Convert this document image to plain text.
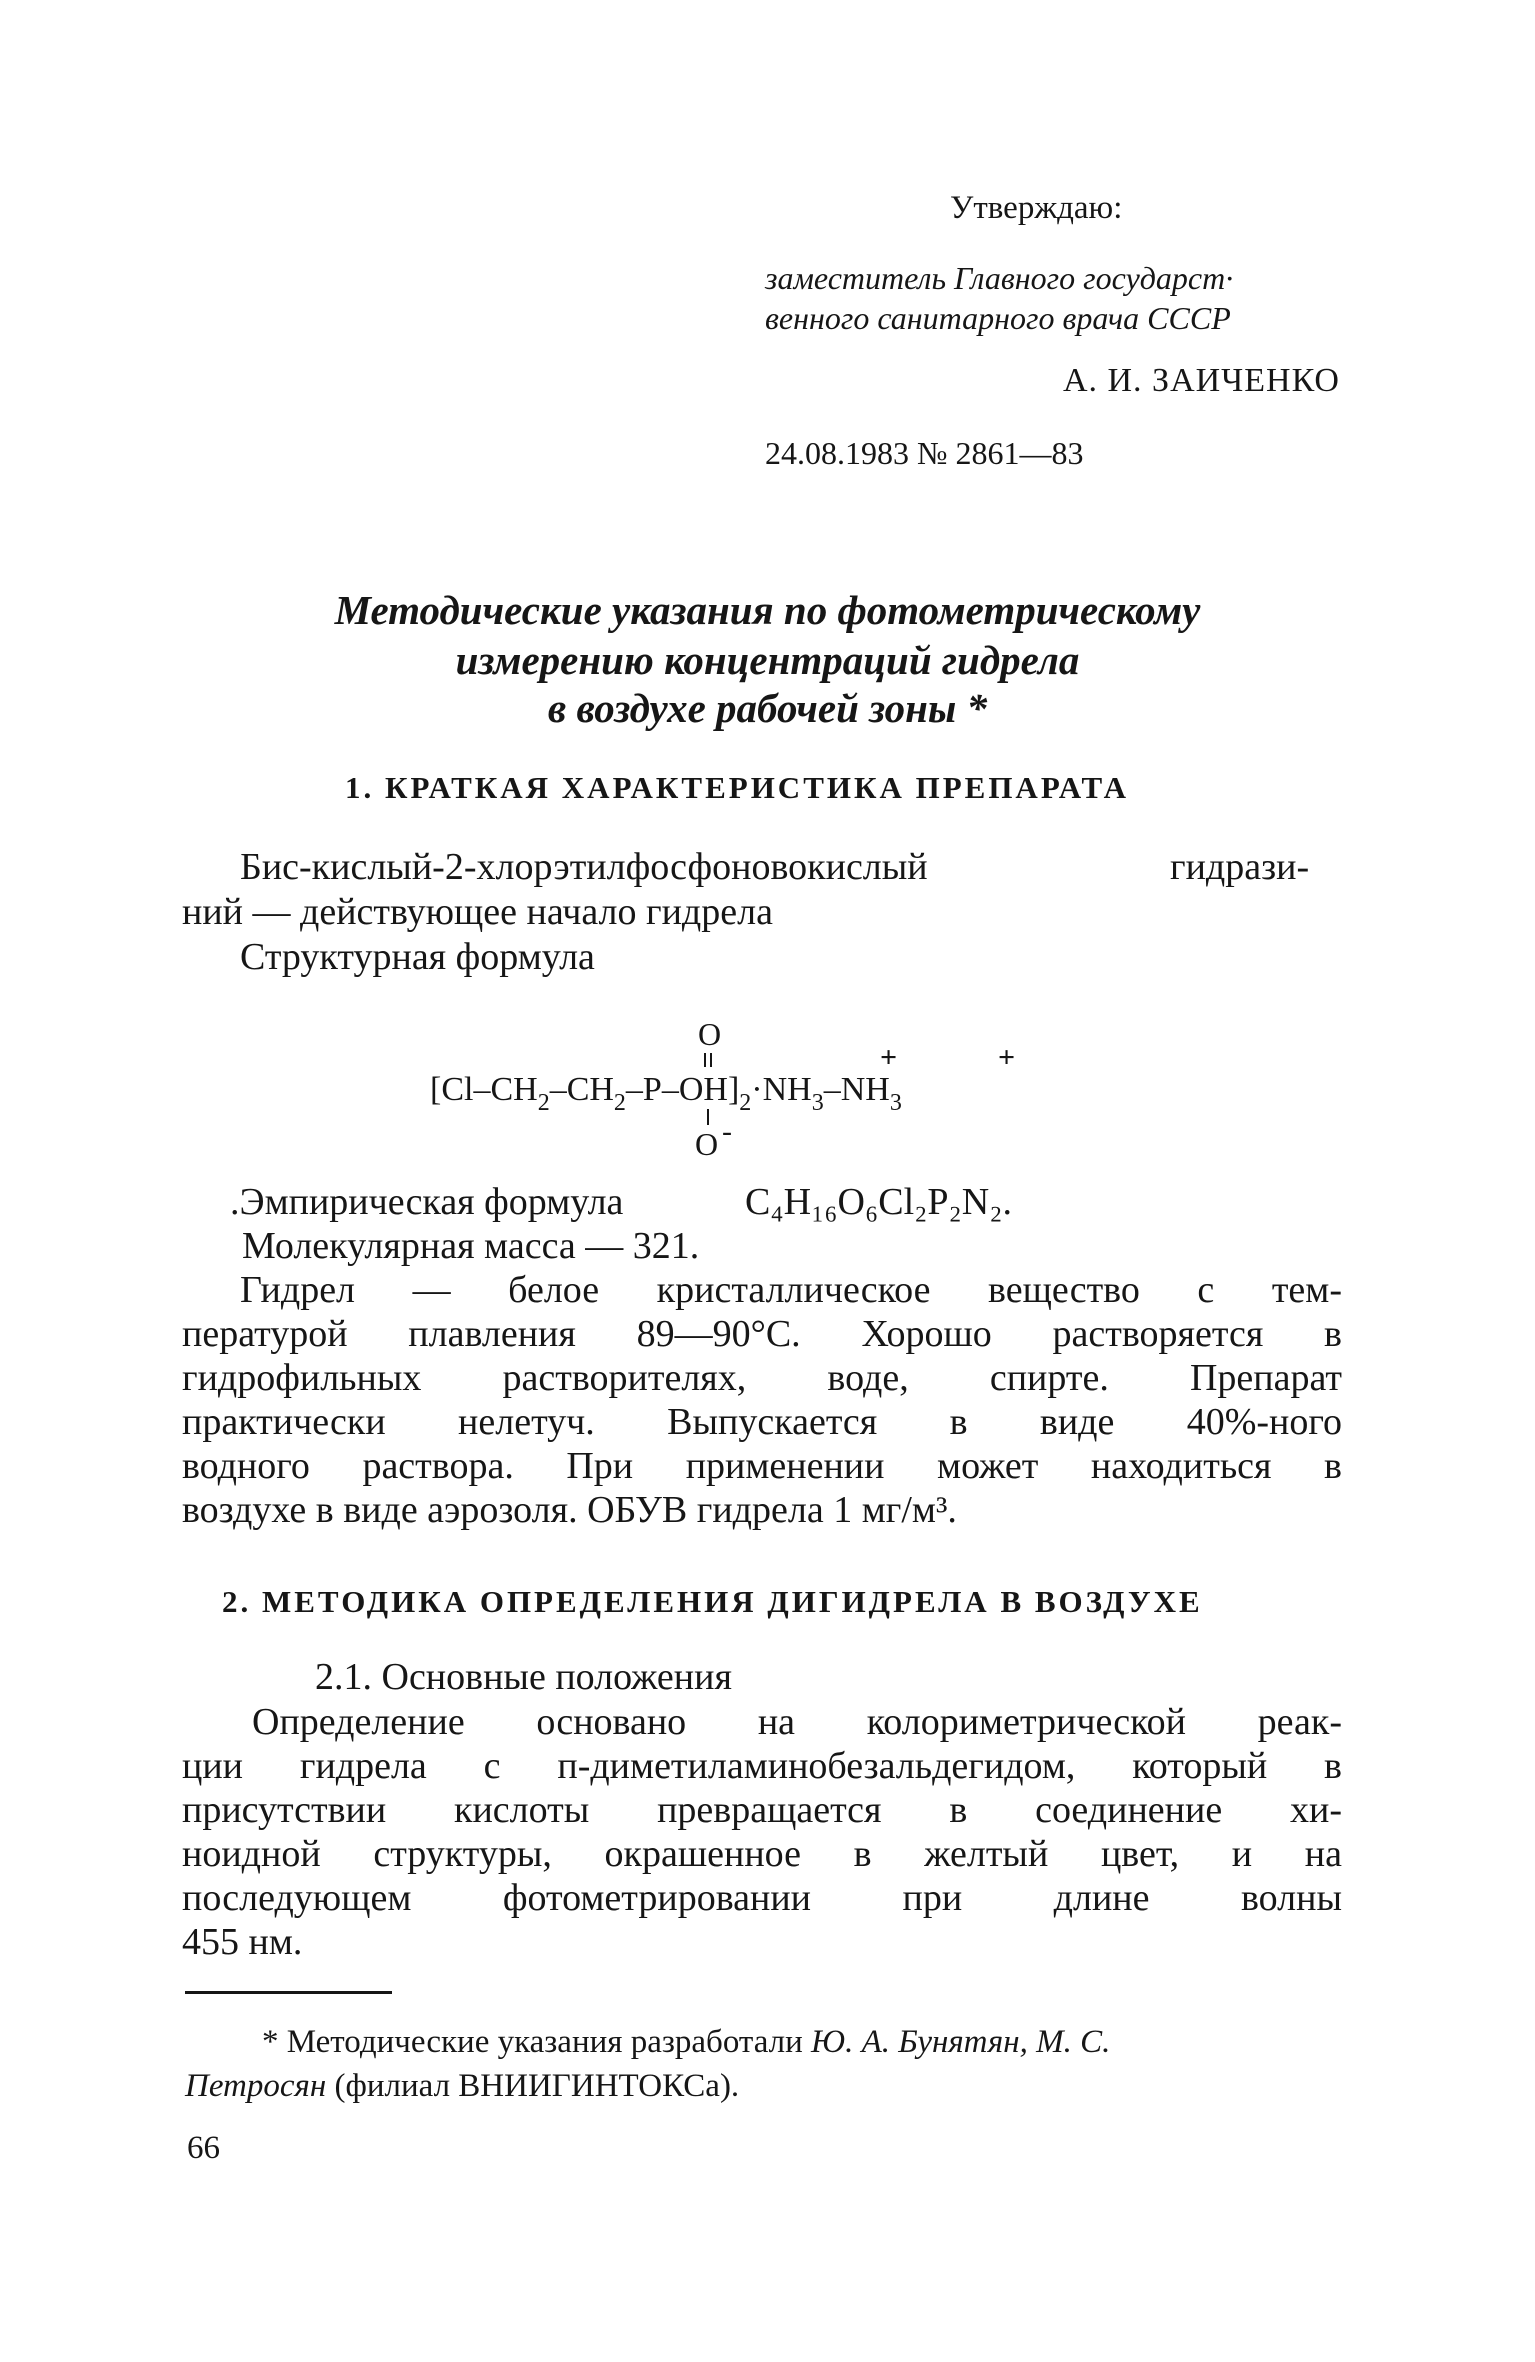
Утверждаю:
заместитель Главного государст·
венного санитарного врача СССР
А. И. ЗАИЧЕНКО
24.08.1983 № 2861—83
Методические указания по фотометрическому
измерению концентраций гидрела
в воздухе рабочей зоны *
1. КРАТКАЯ ХАРАКТЕРИСТИКА ПРЕПАРАТА
Бис-кислый-2-хлорэтилфосфоновокислый	гидрази-
ний — действующее начало гидрела
Структурная формула
O
$[Cl-CH_2-CH_2-P-OH]_2\cdot NH_3-NH_3$
+	+
O -
.Эмпирическая формула	C₄H₁₆O₆Cl₂P₂N₂.
Молекулярная масса — 321.
Гидрел — белое кристаллическое вещество с тем-
пературой плавления 89—90°С. Хорошо растворяется в
гидрофильных растворителях, воде, спирте. Препарат
практически нелетуч. Выпускается в виде 40%-ного
водного раствора. При применении может находиться в
воздухе в виде аэрозоля. ОБУВ гидрела 1 мг/м³.
2. МЕТОДИКА ОПРЕДЕЛЕНИЯ ДИГИДРЕЛА В ВОЗДУХЕ
2.1. Основные положения
Определение основано на колориметрической реак-
ции гидрела с п-диметиламинобезальдегидом, который в
присутствии кислоты превращается в соединение хи-
ноидной структуры, окрашенное в желтый цвет, и на
последующем фотометрировании при длине волны
455 нм.
* Методические указания разработали Ю. А. Бунятян, М. С.
Петросян (филиал ВНИИГИНТОКСа).
66
